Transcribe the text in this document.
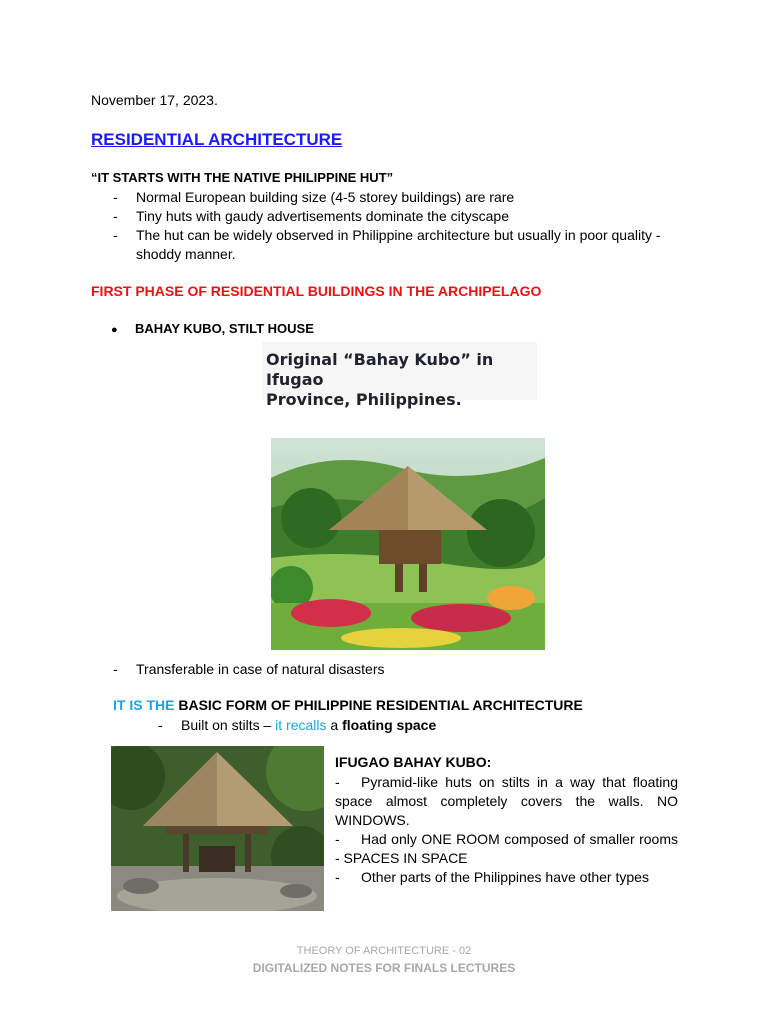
November 17, 2023.
RESIDENTIAL ARCHITECTURE
“IT STARTS WITH THE NATIVE PHILIPPINE HUT”
- Normal European building size (4-5 storey buildings) are rare
- Tiny huts with gaudy advertisements dominate the cityscape
- The hut can be widely observed in Philippine architecture but usually in poor quality - shoddy manner.
FIRST PHASE OF RESIDENTIAL BUILDINGS IN THE ARCHIPELAGO
● BAHAY KUBO, STILT HOUSE
Original “Bahay Kubo” in Ifugao
Province, Philippines.
- Transferable in case of natural disasters
IT IS THE BASIC FORM OF PHILIPPINE RESIDENTIAL ARCHITECTURE
- Built on stilts – it recalls a floating space
IFUGAO BAHAY KUBO:

- Pyramid-like huts on stilts in a way that floating space almost completely covers the walls. NO WINDOWS.

- Had only ONE ROOM composed of smaller rooms - SPACES IN SPACE

- Other parts of the Philippines have other types

THEORY OF ARCHITECTURE - 02
DIGITALIZED NOTES FOR FINALS LECTURES
